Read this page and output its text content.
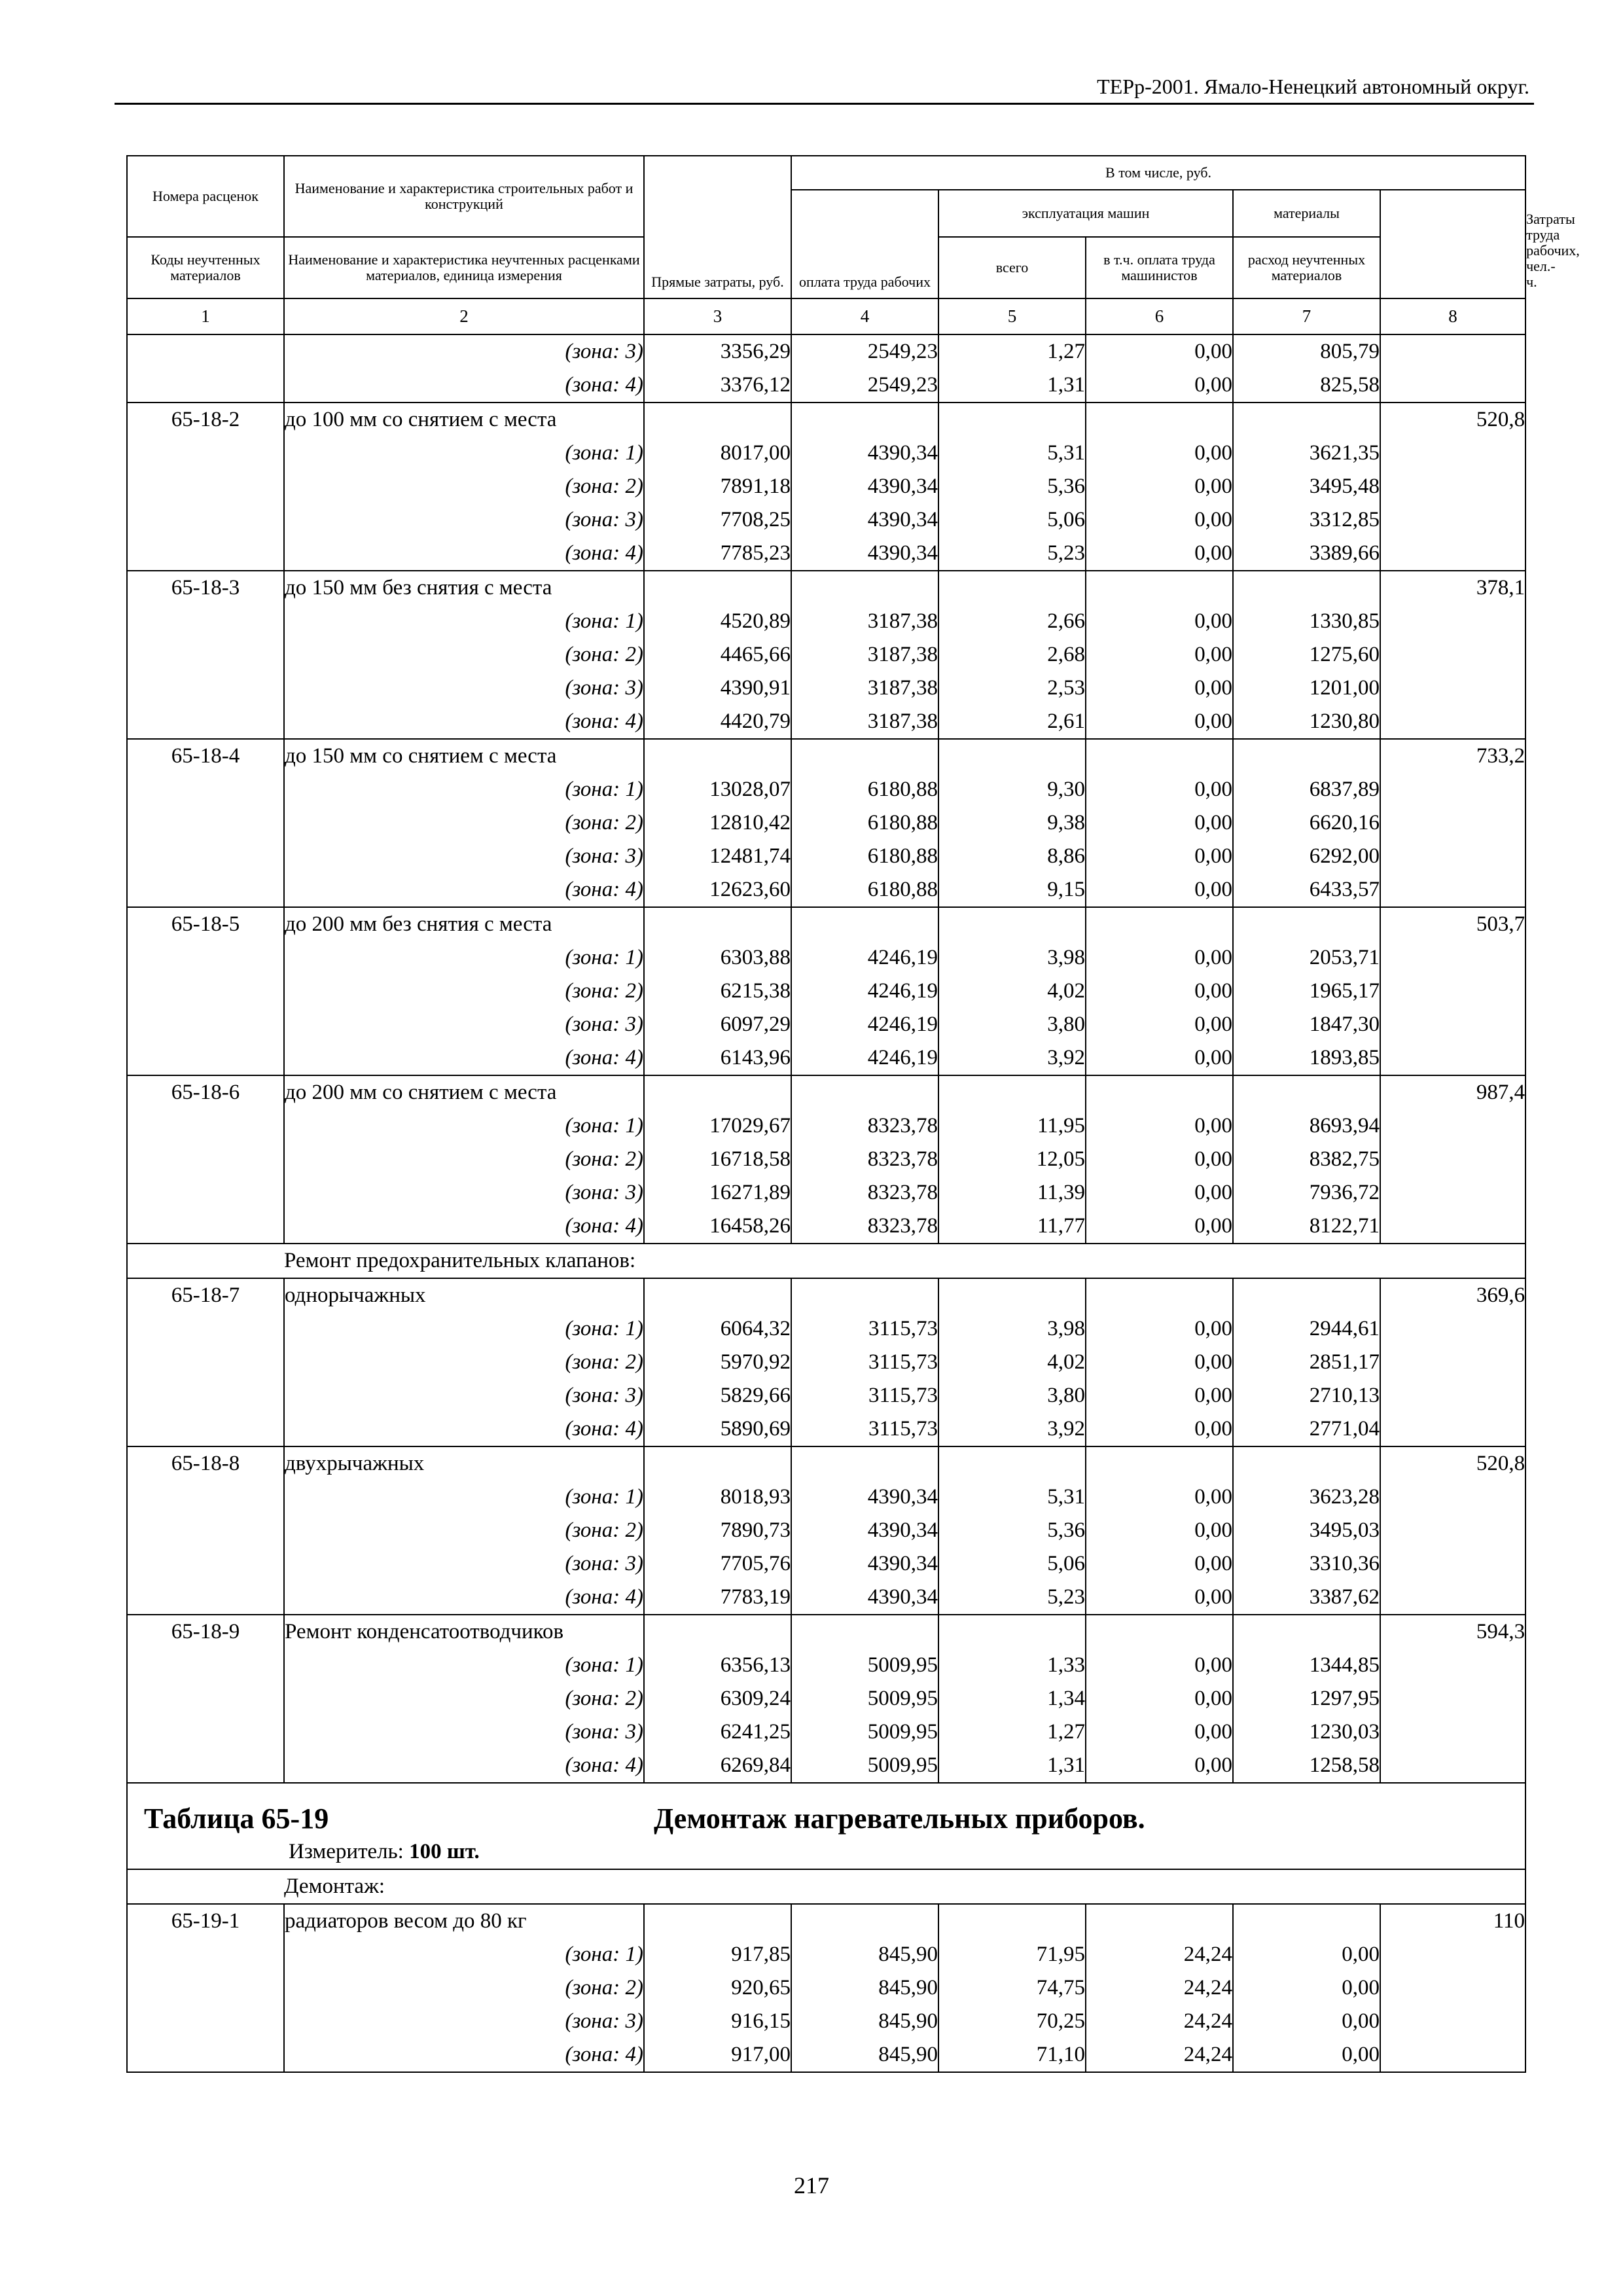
ТЕРр-2001. Ямало-Ненецкий автономный округ.
Номера расценок	Наименование и характеристика строительных работ и конструкций	Прямые затраты, руб.	В том числе, руб.					Затраты труда рабочих, чел.-ч.
			оплата труда рабочих	эксплуатация машин		материалы		
Коды неучтенных материалов	Наименование и характеристика неучтенных расценками материалов, единица измерения			всего	в т.ч. оплата труда машинистов	расход неучтенных материалов		
1	2	3	4	5	6	7	8	
	(зона: 3)	3356,29	2549,23	1,27	0,00	805,79		
	(зона: 4)	3376,12	2549,23	1,31	0,00	825,58		
65-18-2	до 100 мм со снятием с места						520,8	
	(зона: 1)	8017,00	4390,34	5,31	0,00	3621,35		
	(зона: 2)	7891,18	4390,34	5,36	0,00	3495,48		
	(зона: 3)	7708,25	4390,34	5,06	0,00	3312,85		
	(зона: 4)	7785,23	4390,34	5,23	0,00	3389,66		
65-18-3	до 150 мм без снятия с места						378,1	
	(зона: 1)	4520,89	3187,38	2,66	0,00	1330,85		
	(зона: 2)	4465,66	3187,38	2,68	0,00	1275,60		
	(зона: 3)	4390,91	3187,38	2,53	0,00	1201,00		
	(зона: 4)	4420,79	3187,38	2,61	0,00	1230,80		
65-18-4	до 150 мм со снятием с места						733,2	
	(зона: 1)	13028,07	6180,88	9,30	0,00	6837,89		
	(зона: 2)	12810,42	6180,88	9,38	0,00	6620,16		
	(зона: 3)	12481,74	6180,88	8,86	0,00	6292,00		
	(зона: 4)	12623,60	6180,88	9,15	0,00	6433,57		
65-18-5	до 200 мм без снятия с места						503,7	
	(зона: 1)	6303,88	4246,19	3,98	0,00	2053,71		
	(зона: 2)	6215,38	4246,19	4,02	0,00	1965,17		
	(зона: 3)	6097,29	4246,19	3,80	0,00	1847,30		
	(зона: 4)	6143,96	4246,19	3,92	0,00	1893,85		
65-18-6	до 200 мм со снятием с места						987,4	
	(зона: 1)	17029,67	8323,78	11,95	0,00	8693,94		
	(зона: 2)	16718,58	8323,78	12,05	0,00	8382,75		
	(зона: 3)	16271,89	8323,78	11,39	0,00	7936,72		
	(зона: 4)	16458,26	8323,78	11,77	0,00	8122,71		
	Ремонт предохранительных клапанов:							
65-18-7	однорычажных						369,6	
	(зона: 1)	6064,32	3115,73	3,98	0,00	2944,61		
	(зона: 2)	5970,92	3115,73	4,02	0,00	2851,17		
	(зона: 3)	5829,66	3115,73	3,80	0,00	2710,13		
	(зона: 4)	5890,69	3115,73	3,92	0,00	2771,04		
65-18-8	двухрычажных						520,8	
	(зона: 1)	8018,93	4390,34	5,31	0,00	3623,28		
	(зона: 2)	7890,73	4390,34	5,36	0,00	3495,03		
	(зона: 3)	7705,76	4390,34	5,06	0,00	3310,36		
	(зона: 4)	7783,19	4390,34	5,23	0,00	3387,62		
65-18-9	Ремонт конденсатоотводчиков						594,3	
	(зона: 1)	6356,13	5009,95	1,33	0,00	1344,85		
	(зона: 2)	6309,24	5009,95	1,34	0,00	1297,95		
	(зона: 3)	6241,25	5009,95	1,27	0,00	1230,03		
	(зона: 4)	6269,84	5009,95	1,31	0,00	1258,58		

Таблица 65-19 Демонтаж нагревательных приборов.
Измеритель: 100 шт.								

	Демонтаж:							
65-19-1	радиаторов весом до 80 кг						110	
	(зона: 1)	917,85	845,90	71,95	24,24	0,00		
	(зона: 2)	920,65	845,90	74,75	24,24	0,00		
	(зона: 3)	916,15	845,90	70,25	24,24	0,00		
	(зона: 4)	917,00	845,90	71,10	24,24	0,00		
217
